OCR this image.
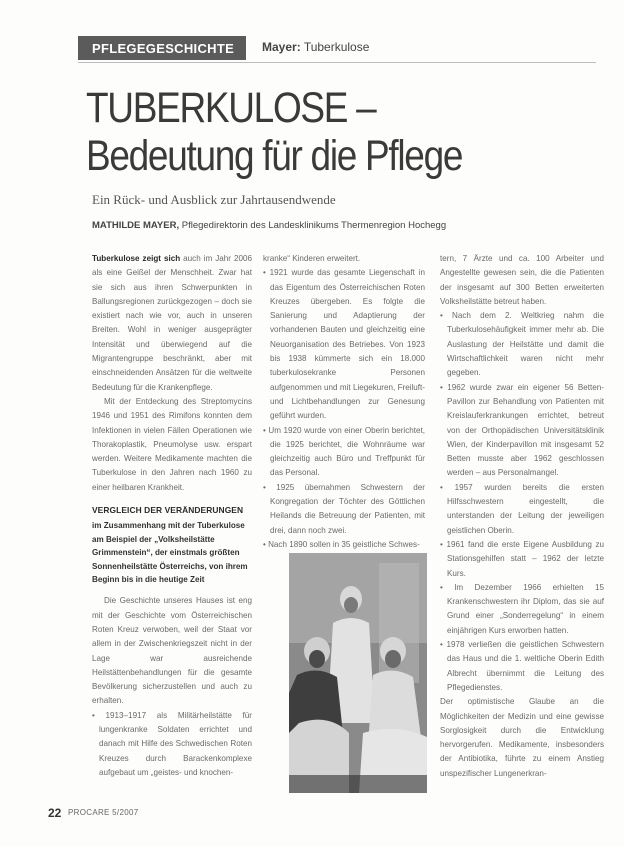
PFLEGEGESCHICHTE	Mayer: Tuberkulose
TUBERKULOSE –
Bedeutung für die Pflege
Ein Rück- und Ausblick zur Jahrtausendwende
MATHILDE MAYER, Pflegedirektorin des Landesklinikums Thermenregion Hochegg

Tuberkulose zeigt sich auch im Jahr 2006 als eine Geißel der Menschheit. Zwar hat sie sich aus ihren Schwerpunkten in Ballungsregionen zurückgezogen – doch sie existiert nach wie vor, auch in unseren Breiten. Wohl in weniger ausgeprägter Intensität und überwiegend auf die Migrantengruppe beschränkt, aber mit einschneidenden Ansätzen für die weltweite Bedeutung für die Krankenpflege.

Mit der Entdeckung des Streptomycins 1946 und 1951 des Rimifons konnten dem Infektionen in vielen Fällen Operationen wie Thorakoplastik, Pneumolyse usw. erspart werden. Weitere Medikamente machten die Tuberkulose in den Jahren nach 1960 zu einer heilbaren Krankheit.

VERGLEICH DER VERÄNDERUNGEN

im Zusammenhang mit der Tuberkulose am Beispiel der „Volksheilstätte Grimmenstein“, der einstmals größten Sonnenheilstätte Österreichs, von ihrem Beginn bis in die heutige Zeit

Die Geschichte unseres Hauses ist eng mit der Geschichte vom Österreichischen Roten Kreuz verwoben, weil der Staat vor allem in der Zwischenkriegszeit nicht in der Lage war ausreichende Heilstättenbehandlungen für die gesamte Bevölkerung sicherzustellen und auch zu erhalten.

• 1913–1917 als Militärheilstätte für lungenkranke Soldaten errichtet und danach mit Hilfe des Schwedischen Roten Kreuzes durch Barackenkomplexe aufgebaut um „geistes- und knochen-

kranke“ Kinderen erweitert.

• 1921 wurde das gesamte Liegenschaft in das Eigentum des Österreichischen Roten Kreuzes übergeben. Es folgte die Sanierung und Adaptierung der vorhandenen Bauten und gleichzeitig eine Neuorganisation des Betriebes. Von 1923 bis 1938 kümmerte sich ein 18.000 tuberkulosekranke Personen aufgenommen und mit Liegekuren, Freiluft- und Lichtbehandlungen zur Genesung geführt wurden.

• Um 1920 wurde von einer Oberin berichtet, die 1925 berichtet, die Wohnräume war gleichzeitig auch Büro und Treffpunkt für das Personal.

• 1925 übernahmen Schwestern der Kongregation der Töchter des Göttlichen Heilands die Betreuung der Patienten, mit drei, dann noch zwei.

• Nach 1890 sollen in 35 geistliche Schwes-

tern, 7 Ärzte und ca. 100 Arbeiter und Angestellte gewesen sein, die die Patienten der insgesamt auf 300 Betten erweiterten Volksheilstätte betreut haben.

• Nach dem 2. Weltkrieg nahm die Tuberkulosehäufigkeit immer mehr ab. Die Auslastung der Heilstätte und damit die Wirtschaftlichkeit waren nicht mehr gegeben.

• 1962 wurde zwar ein eigener 56 Betten-Pavillon zur Behandlung von Patienten mit Kreislauferkrankungen errichtet, betreut von der Orthopädischen Universitätsklinik Wien, der Kinderpavillon mit insgesamt 52 Betten musste aber 1962 geschlossen werden – aus Personalmangel.

• 1957 wurden bereits die ersten Hilfsschwestern eingestellt, die unterstanden der Leitung der jeweiligen geistlichen Oberin.

• 1961 fand die erste Eigene Ausbildung zu Stationsgehilfen statt – 1962 der letzte Kurs.

• Im Dezember 1966 erhielten 15 Krankenschwestern ihr Diplom, das sie auf Grund einer „Sonderregelung“ in einem einjährigen Kurs erworben hatten.

• 1978 verließen die geistlichen Schwestern das Haus und die 1. weltliche Oberin Edith Albrecht übernimmt die Leitung des Pflegedienstes.

Der optimistische Glaube an die Möglichkeiten der Medizin und eine gewisse Sorglosigkeit durch die Entwicklung hervorgerufen. Medikamente, insbesonders der Antibiotika, führte zu einem Anstieg unspezifischer Lungenerkran-

22 PROCARE 5/2007
